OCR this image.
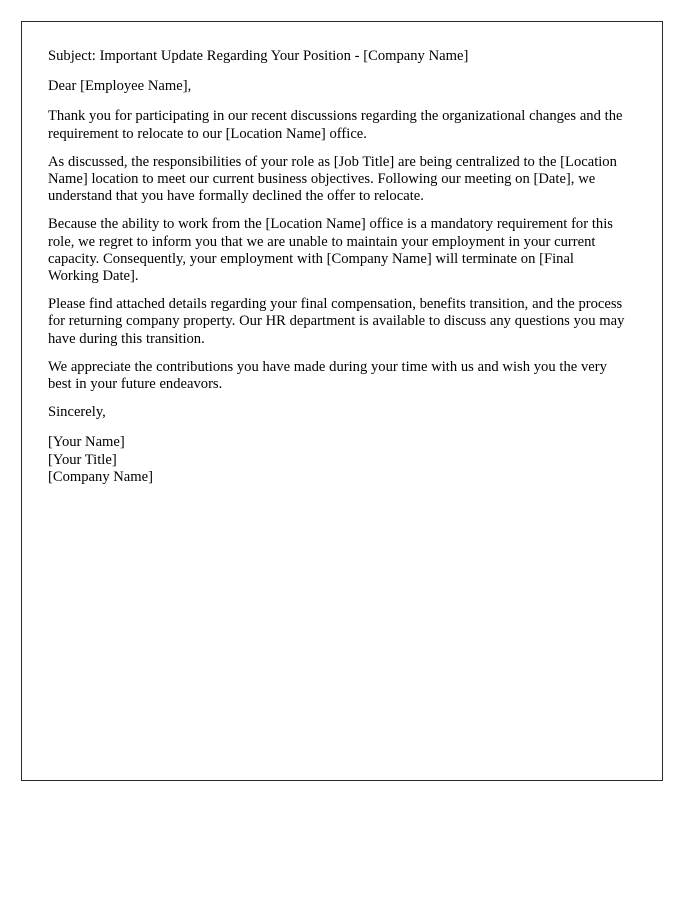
Subject: Important Update Regarding Your Position - [Company Name]

Dear [Employee Name],

Thank you for participating in our recent discussions regarding the organizational changes and the requirement to relocate to our [Location Name] office.

As discussed, the responsibilities of your role as [Job Title] are being centralized to the [Location Name] location to meet our current business objectives. Following our meeting on [Date], we understand that you have formally declined the offer to relocate.

Because the ability to work from the [Location Name] office is a mandatory requirement for this role, we regret to inform you that we are unable to maintain your employment in your current capacity. Consequently, your employment with [Company Name] will terminate on [Final Working Date].

Please find attached details regarding your final compensation, benefits transition, and the process for returning company property. Our HR department is available to discuss any questions you may have during this transition.

We appreciate the contributions you have made during your time with us and wish you the very best in your future endeavors.

Sincerely,

[Your Name]
[Your Title]
[Company Name]
